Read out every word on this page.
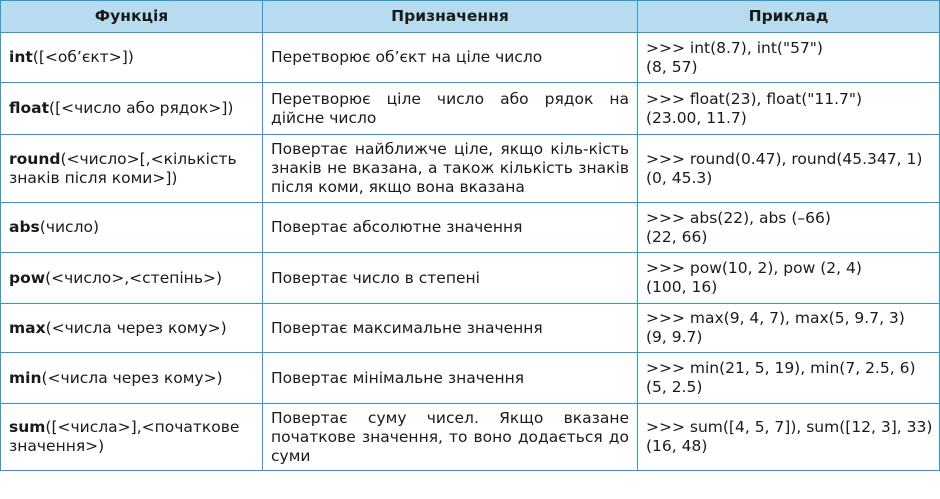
Функція	Призначення	Приклад

int([<об’єкт>])	Перетворює об’єкт на ціле число	>>> int(8.7), int("57")
(8, 57)

float([<число або рядок>])	Перетворює ціле число або рядок на дійсне число	>>> float(23), float("11.7")
(23.00, 11.7)

round(<число>[,<кількість
знаків після коми>])	Повертає найближче ціле, якщо кіль-кість знаків не вказана, а також кількість знаків після коми, якщо вона вказана	>>> round(0.47), round(45.347, 1)
(0, 45.3)

abs(число)	Повертає абсолютне значення	>>> abs(22), abs (–66)
(22, 66)

pow(<число>,<степінь>)	Повертає число в степені	>>> pow(10, 2), pow (2, 4)
(100, 16)

max(<числа через кому>)	Повертає максимальне значення	>>> max(9, 4, 7), max(5, 9.7, 3)
(9, 9.7)

min(<числа через кому>)	Повертає мінімальне значення	>>> min(21, 5, 19), min(7, 2.5, 6)
(5, 2.5)

sum([<числа>],<початкове
значення>)	Повертає суму чисел. Якщо вказане початкове значення, то воно додається до суми	>>> sum([4, 5, 7]), sum([12, 3], 33)
(16, 48)
